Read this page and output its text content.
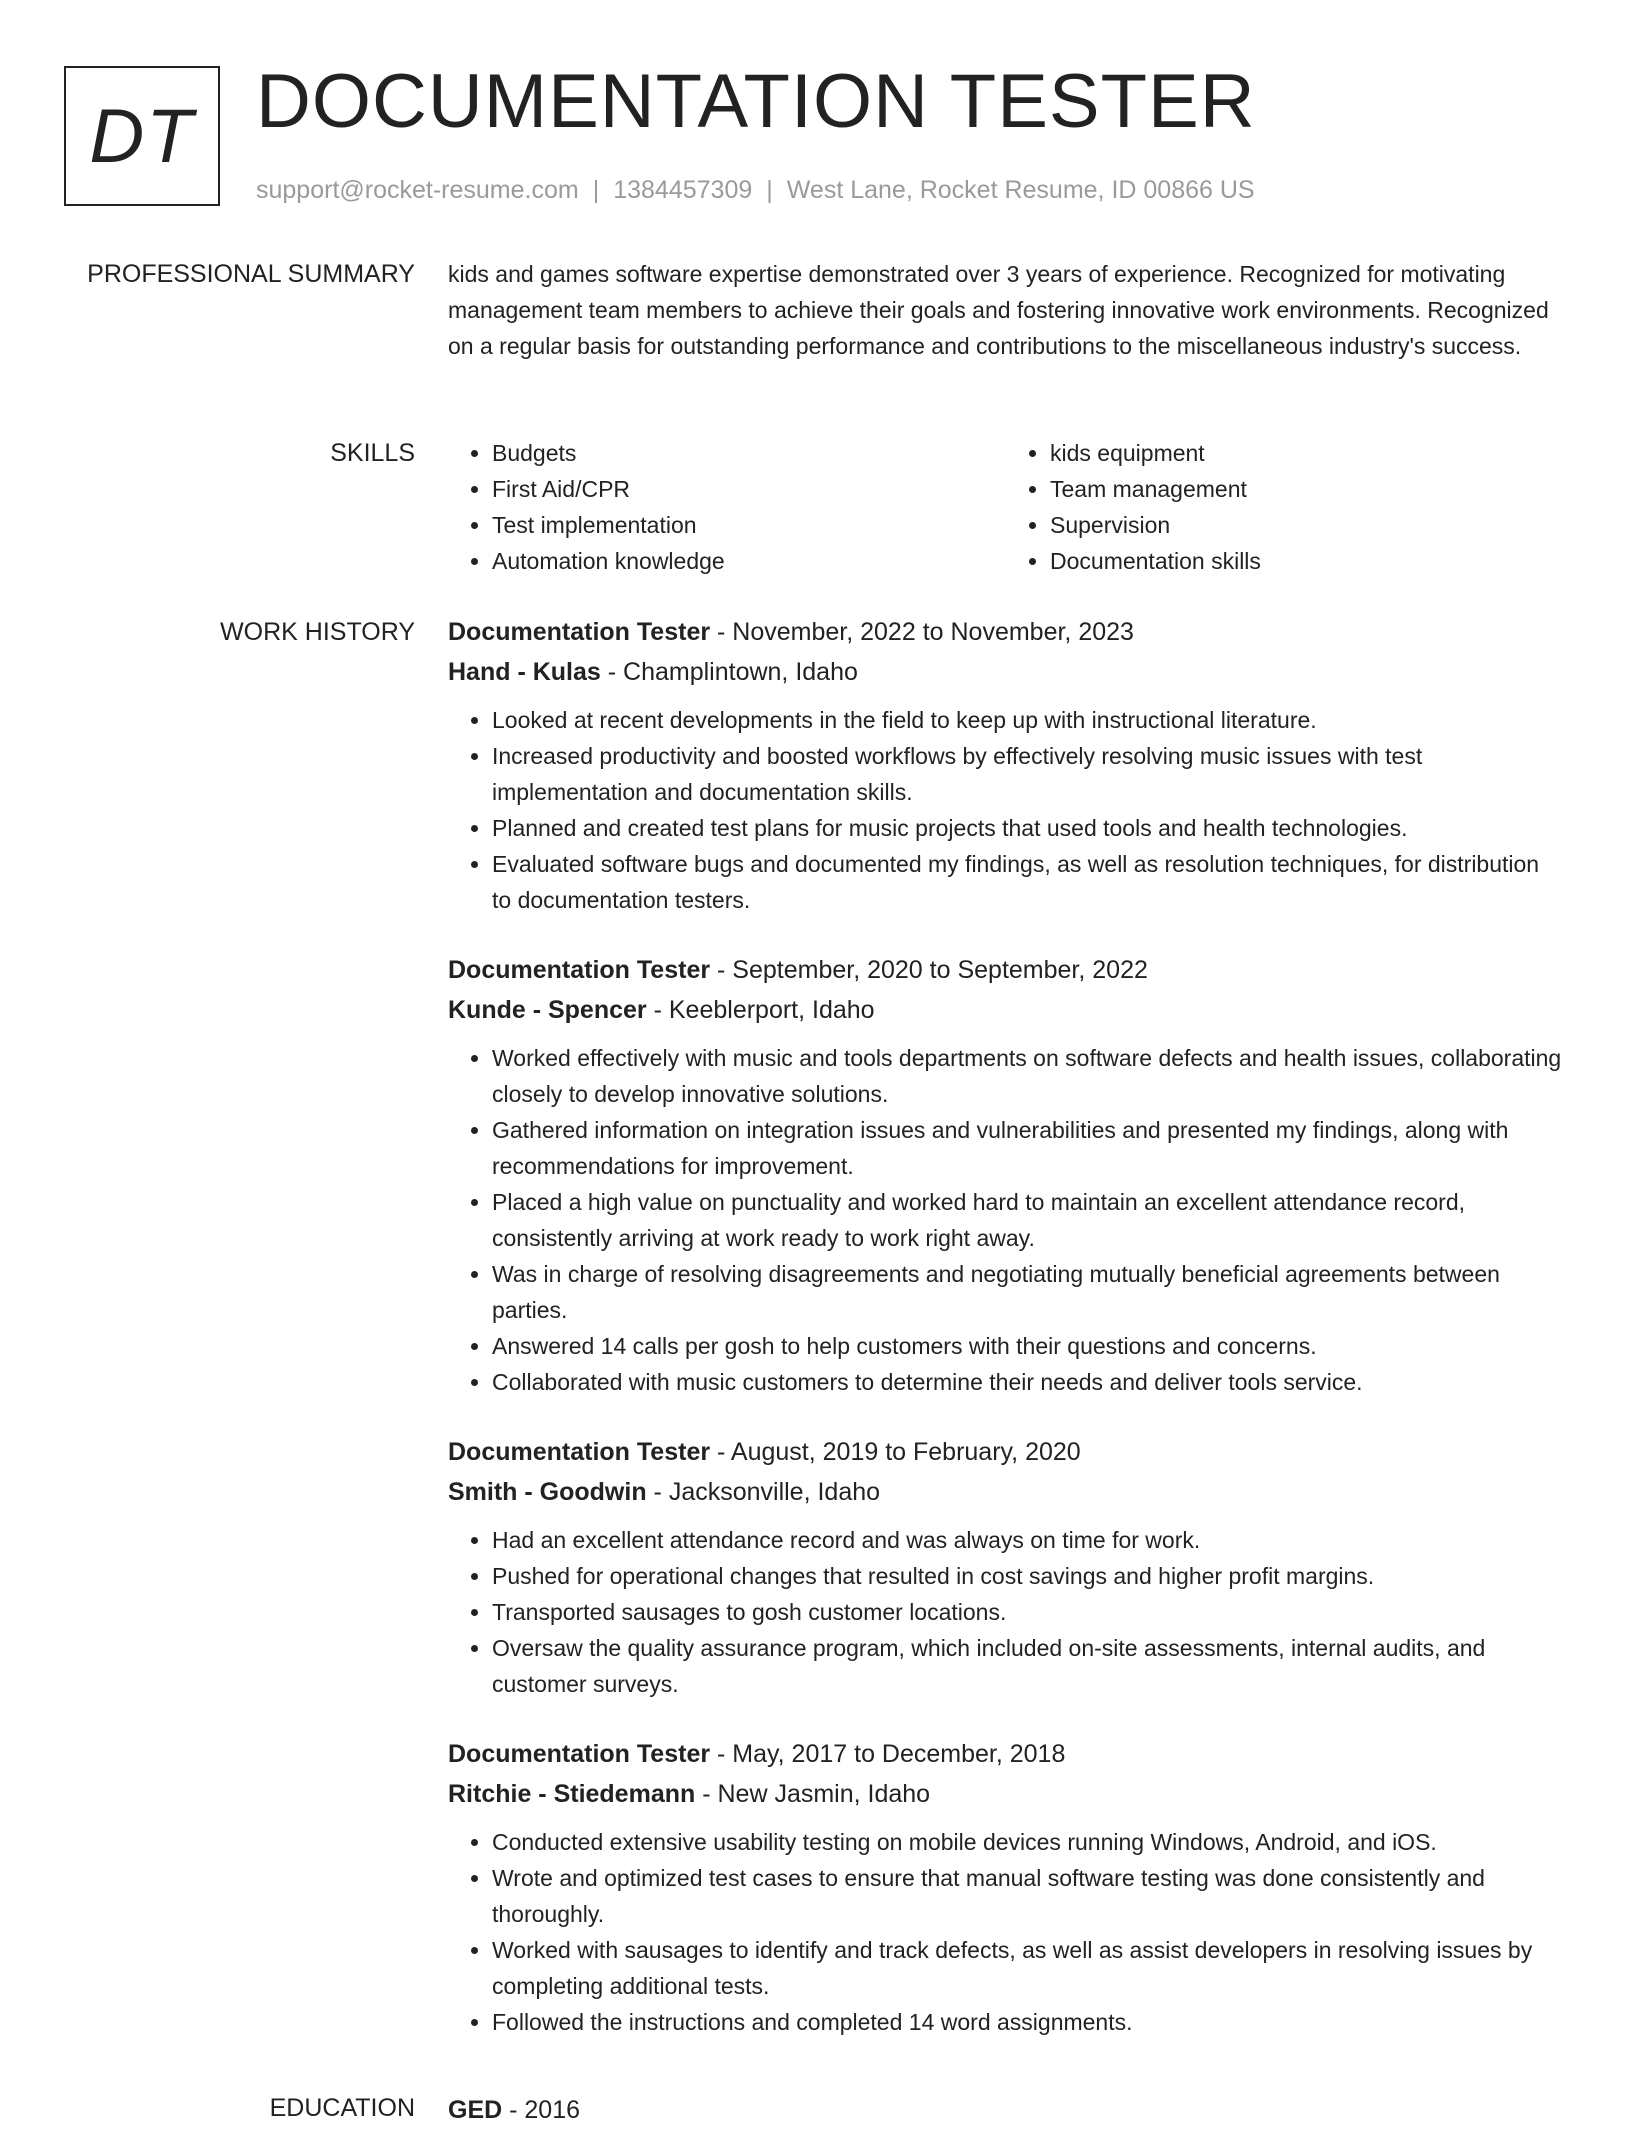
DT DOCUMENTATION TESTER
support@rocket-resume.com | 1384457309 | West Lane, Rocket Resume, ID 00866 US
PROFESSIONAL SUMMARY kids and games software expertise demonstrated over 3 years of experience. Recognized for motivating management team members to achieve their goals and fostering innovative work environments. Recognized on a regular basis for outstanding performance and contributions to the miscellaneous industry's success.

SKILLS
•	Budgets
• First Aid/CPR
• Test implementation
• Automation knowledge
• kids equipment
• Team management
• Supervision
• Documentation skills
WORK HISTORY Documentation Tester - November, 2022 to November, 2023
Hand - Kulas - Champlintown, Idaho
• Looked at recent developments in the field to keep up with instructional literature.
• Increased productivity and boosted workflows by effectively resolving music issues with test implementation and documentation skills.
• Planned and created test plans for music projects that used tools and health technologies.
• Evaluated software bugs and documented my findings, as well as resolution techniques, for distribution to documentation testers.
Documentation Tester - September, 2020 to September, 2022
Kunde - Spencer - Keeblerport, Idaho
• Worked effectively with music and tools departments on software defects and health issues, collaborating closely to develop innovative solutions.
• Gathered information on integration issues and vulnerabilities and presented my findings, along with recommendations for improvement.
• Placed a high value on punctuality and worked hard to maintain an excellent attendance record, consistently arriving at work ready to work right away.
• Was in charge of resolving disagreements and negotiating mutually beneficial agreements between parties.
• Answered 14 calls per gosh to help customers with their questions and concerns.
• Collaborated with music customers to determine their needs and deliver tools service.
Documentation Tester - August, 2019 to February, 2020
Smith - Goodwin - Jacksonville, Idaho
• Had an excellent attendance record and was always on time for work.
• Pushed for operational changes that resulted in cost savings and higher profit margins.
• Transported sausages to gosh customer locations.
• Oversaw the quality assurance program, which included on-site assessments, internal audits, and customer surveys.
Documentation Tester - May, 2017 to December, 2018
Ritchie - Stiedemann - New Jasmin, Idaho
• Conducted extensive usability testing on mobile devices running Windows, Android, and iOS.
• Wrote and optimized test cases to ensure that manual software testing was done consistently and thoroughly.
• Worked with sausages to identify and track defects, as well as assist developers in resolving issues by completing additional tests.
• Followed the instructions and completed 14 word assignments.
EDUCATION GED - 2016
